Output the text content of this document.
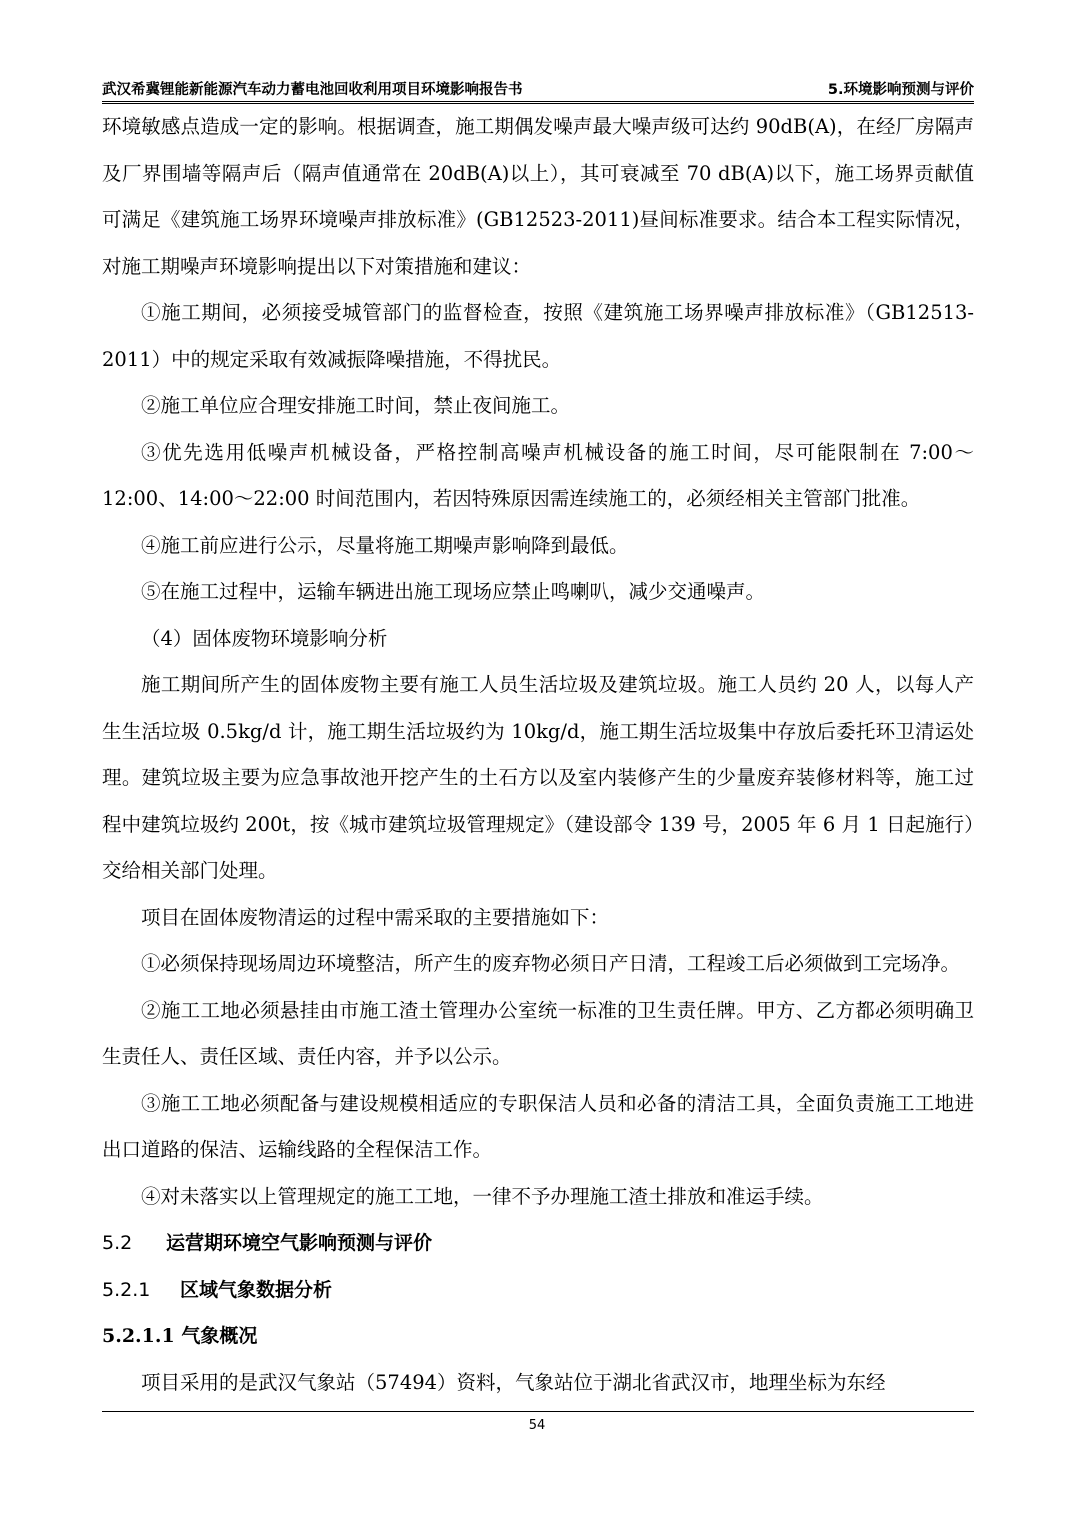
武汉希冀锂能新能源汽车动力蓄电池回收利用项目环境影响报告书	5.环境影响预测与评价

环境敏感点造成一定的影响。根据调查，施工期偶发噪声最大噪声级可达约 90dB(A)，在经厂房隔声及厂界围墙等隔声后（隔声值通常在 20dB(A)以上），其可衰减至 70 dB(A)以下，施工场界贡献值可满足《建筑施工场界环境噪声排放标准》(GB12523-2011)昼间标准要求。结合本工程实际情况，对施工期噪声环境影响提出以下对策措施和建议：

①施工期间，必须接受城管部门的监督检查，按照《建筑施工场界噪声排放标准》（GB12513-2011）中的规定采取有效减振降噪措施，不得扰民。

②施工单位应合理安排施工时间，禁止夜间施工。

③优先选用低噪声机械设备，严格控制高噪声机械设备的施工时间，尽可能限制在 7:00～12:00、14:00～22:00 时间范围内，若因特殊原因需连续施工的，必须经相关主管部门批准。

④施工前应进行公示，尽量将施工期噪声影响降到最低。

⑤在施工过程中，运输车辆进出施工现场应禁止鸣喇叭，减少交通噪声。

（4）固体废物环境影响分析

施工期间所产生的固体废物主要有施工人员生活垃圾及建筑垃圾。施工人员约 20 人，以每人产生生活垃圾 0.5kg/d 计，施工期生活垃圾约为 10kg/d，施工期生活垃圾集中存放后委托环卫清运处理。建筑垃圾主要为应急事故池开挖产生的土石方以及室内装修产生的少量废弃装修材料等，施工过程中建筑垃圾约 200t，按《城市建筑垃圾管理规定》（建设部令 139 号，2005 年 6 月 1 日起施行）交给相关部门处理。

项目在固体废物清运的过程中需采取的主要措施如下：

①必须保持现场周边环境整洁，所产生的废弃物必须日产日清，工程竣工后必须做到工完场净。

②施工工地必须悬挂由市施工渣土管理办公室统一标准的卫生责任牌。甲方、乙方都必须明确卫生责任人、责任区域、责任内容，并予以公示。

③施工工地必须配备与建设规模相适应的专职保洁人员和必备的清洁工具，全面负责施工工地进出口道路的保洁、运输线路的全程保洁工作。

④对未落实以上管理规定的施工工地，一律不予办理施工渣土排放和准运手续。

5.2 运营期环境空气影响预测与评价

5.2.1 区域气象数据分析

5.2.1.1 气象概况

项目采用的是武汉气象站（57494）资料，气象站位于湖北省武汉市，地理坐标为东经

54
